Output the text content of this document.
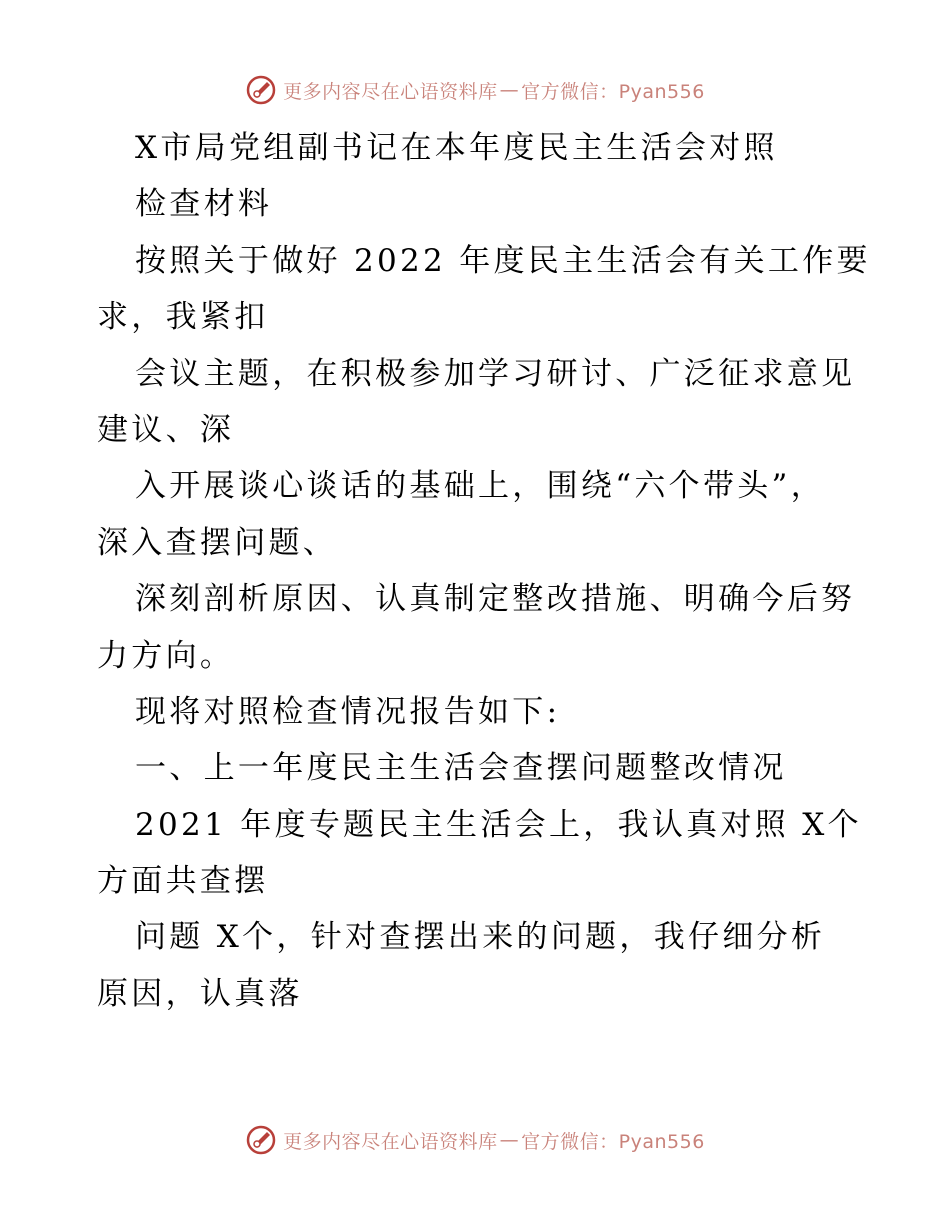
更多内容尽在心语资料库 — 官方微信：Pyan556
X市局党组副书记在本年度民主生活会对照
检查材料
按照关于做好 2022 年度民主生活会有关工作要
求，我紧扣
会议主题，在积极参加学习研讨、广泛征求意见
建议、深
入开展谈心谈话的基础上，围绕“六个带头”，
深入查摆问题、
深刻剖析原因、认真制定整改措施、明确今后努
力方向。
现将对照检查情况报告如下:
一、上一年度民主生活会查摆问题整改情况
2021 年度专题民主生活会上，我认真对照 X个
方面共查摆
问题 X个，针对查摆出来的问题，我仔细分析
原因，认真落
更多内容尽在心语资料库 — 官方微信：Pyan556
